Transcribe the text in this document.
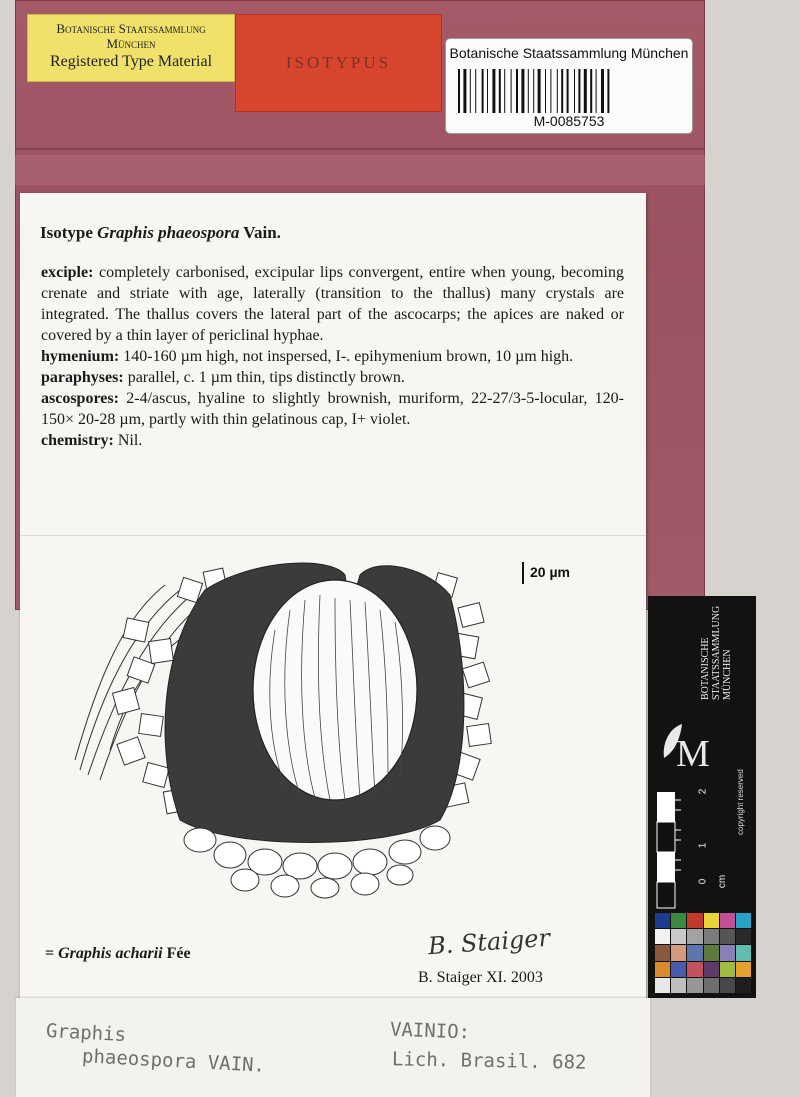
Botanische Staatssammlung
München
Registered Type Material	ISOTYPUS	Botanische Staatssammlung München
M-0085753
Isotype Graphis phaeospora Vain.

exciple: completely carbonised, excipular lips convergent, entire when young, becoming crenate and striate with age, laterally (transition to the thallus) many crystals are integrated. The thallus covers the lateral part of the ascocarps; the apices are naked or covered by a thin layer of periclinal hyphae.

hymenium: 140-160 µm high, not inspersed, I-. epihymenium brown, 10 µm high.

paraphyses: parallel, c. 1 µm thin, tips distinctly brown.

ascospores: 2-4/ascus, hyaline to slightly brownish, muriform, 22-27/3-5-locular, 120-150× 20-28 µm, partly with thin gelatinous cap, I+ violet.

chemistry: Nil.

20 µm
= Graphis acharii Fée	B. Staiger
B. Staiger XI. 2003
Graphis
phaeospora VAIN.
VAINIO:
Lich. Brasil. 682
BOTANISCHE STAATSSAMMLUNG MÜNCHEN
M
copyright reserved
2
1
0 cm
